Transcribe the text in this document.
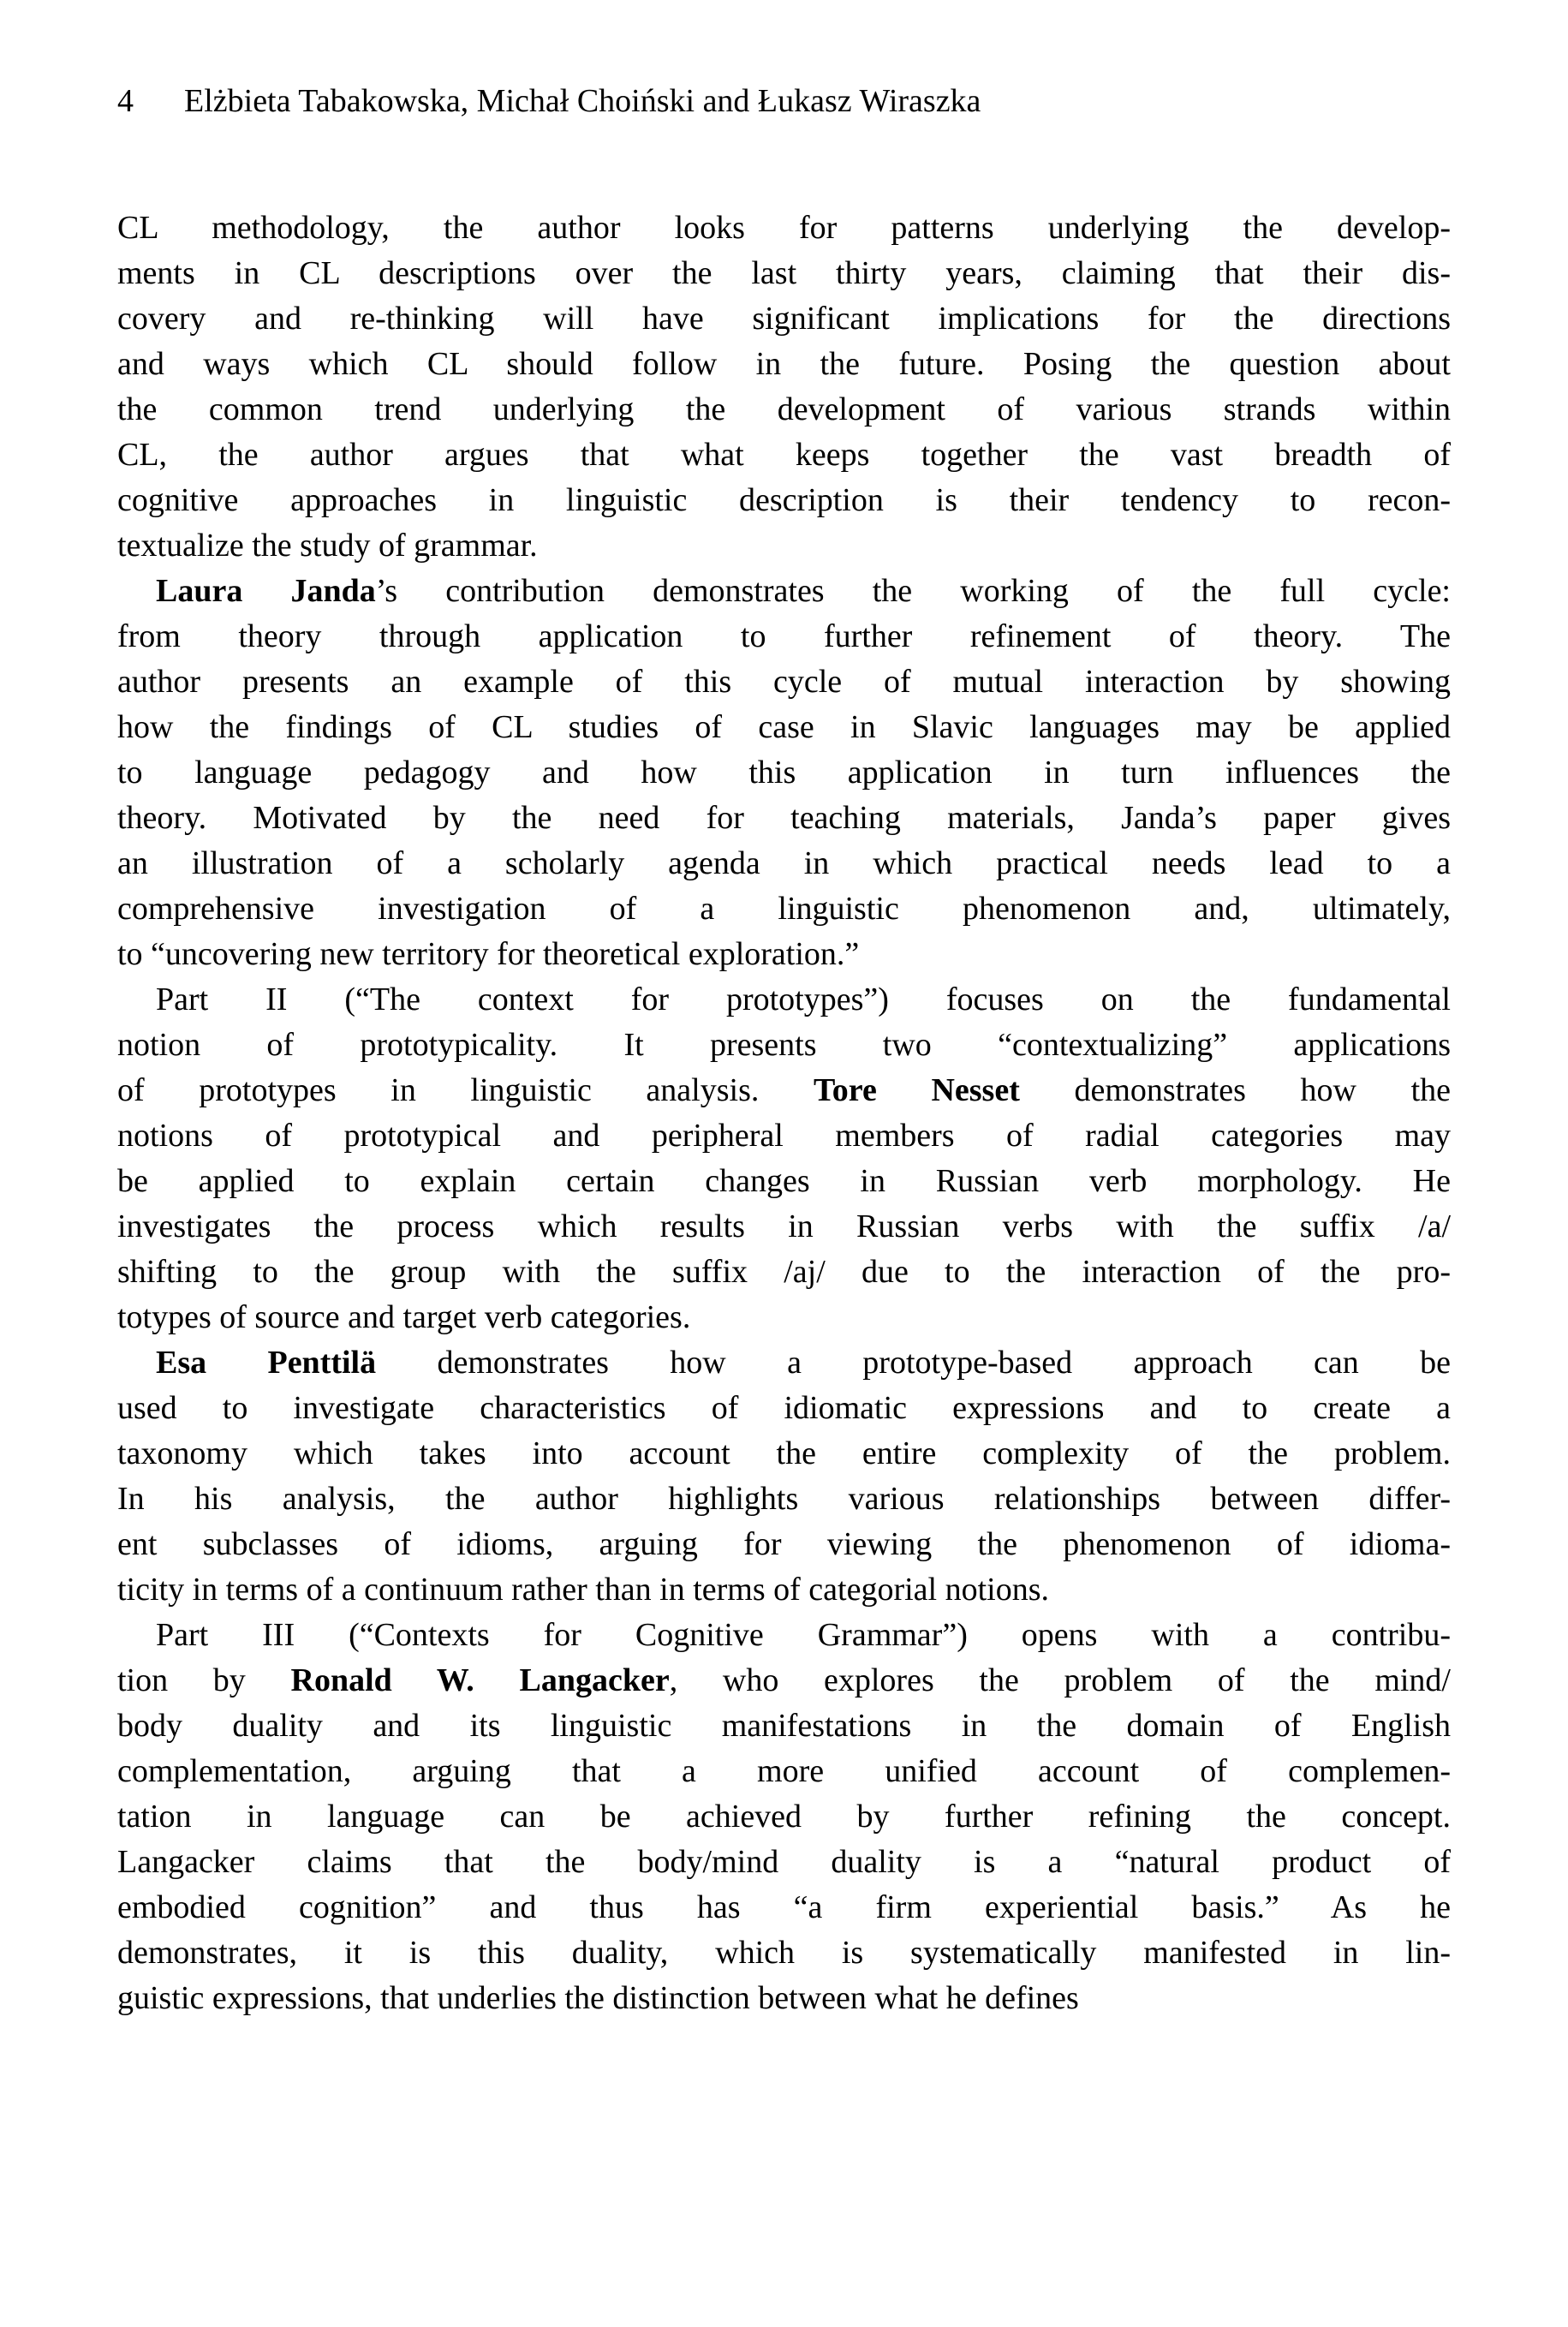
4	Elżbieta Tabakowska, Michał Choiński and Łukasz Wiraszka
CL methodology, the author looks for patterns underlying the develop-
ments in CL descriptions over the last thirty years, claiming that their dis-
covery and re-thinking will have significant implications for the directions
and ways which CL should follow in the future. Posing the question about
the common trend underlying the development of various strands within
CL, the author argues that what keeps together the vast breadth of
cognitive approaches in linguistic description is their tendency to recon-
textualize the study of grammar.
Laura Janda’s contribution demonstrates the working of the full cycle:
from theory through application to further refinement of theory. The
author presents an example of this cycle of mutual interaction by showing
how the findings of CL studies of case in Slavic languages may be applied
to language pedagogy and how this application in turn influences the
theory. Motivated by the need for teaching materials, Janda’s paper gives
an illustration of a scholarly agenda in which practical needs lead to a
comprehensive investigation of a linguistic phenomenon and, ultimately,
to “uncovering new territory for theoretical exploration.”
Part II (“The context for prototypes”) focuses on the fundamental
notion of prototypicality. It presents two “contextualizing” applications
of prototypes in linguistic analysis. Tore Nesset demonstrates how the
notions of prototypical and peripheral members of radial categories may
be applied to explain certain changes in Russian verb morphology. He
investigates the process which results in Russian verbs with the suffix /a/
shifting to the group with the suffix /aj/ due to the interaction of the pro-
totypes of source and target verb categories.
Esa Penttilä demonstrates how a prototype-based approach can be
used to investigate characteristics of idiomatic expressions and to create a
taxonomy which takes into account the entire complexity of the problem.
In his analysis, the author highlights various relationships between differ-
ent subclasses of idioms, arguing for viewing the phenomenon of idioma-
ticity in terms of a continuum rather than in terms of categorial notions.
Part III (“Contexts for Cognitive Grammar”) opens with a contribu-
tion by Ronald W. Langacker, who explores the problem of the mind/
body duality and its linguistic manifestations in the domain of English
complementation, arguing that a more unified account of complemen-
tation in language can be achieved by further refining the concept.
Langacker claims that the body/mind duality is a “natural product of
embodied cognition” and thus has “a firm experiential basis.” As he
demonstrates, it is this duality, which is systematically manifested in lin-
guistic expressions, that underlies the distinction between what he defines
